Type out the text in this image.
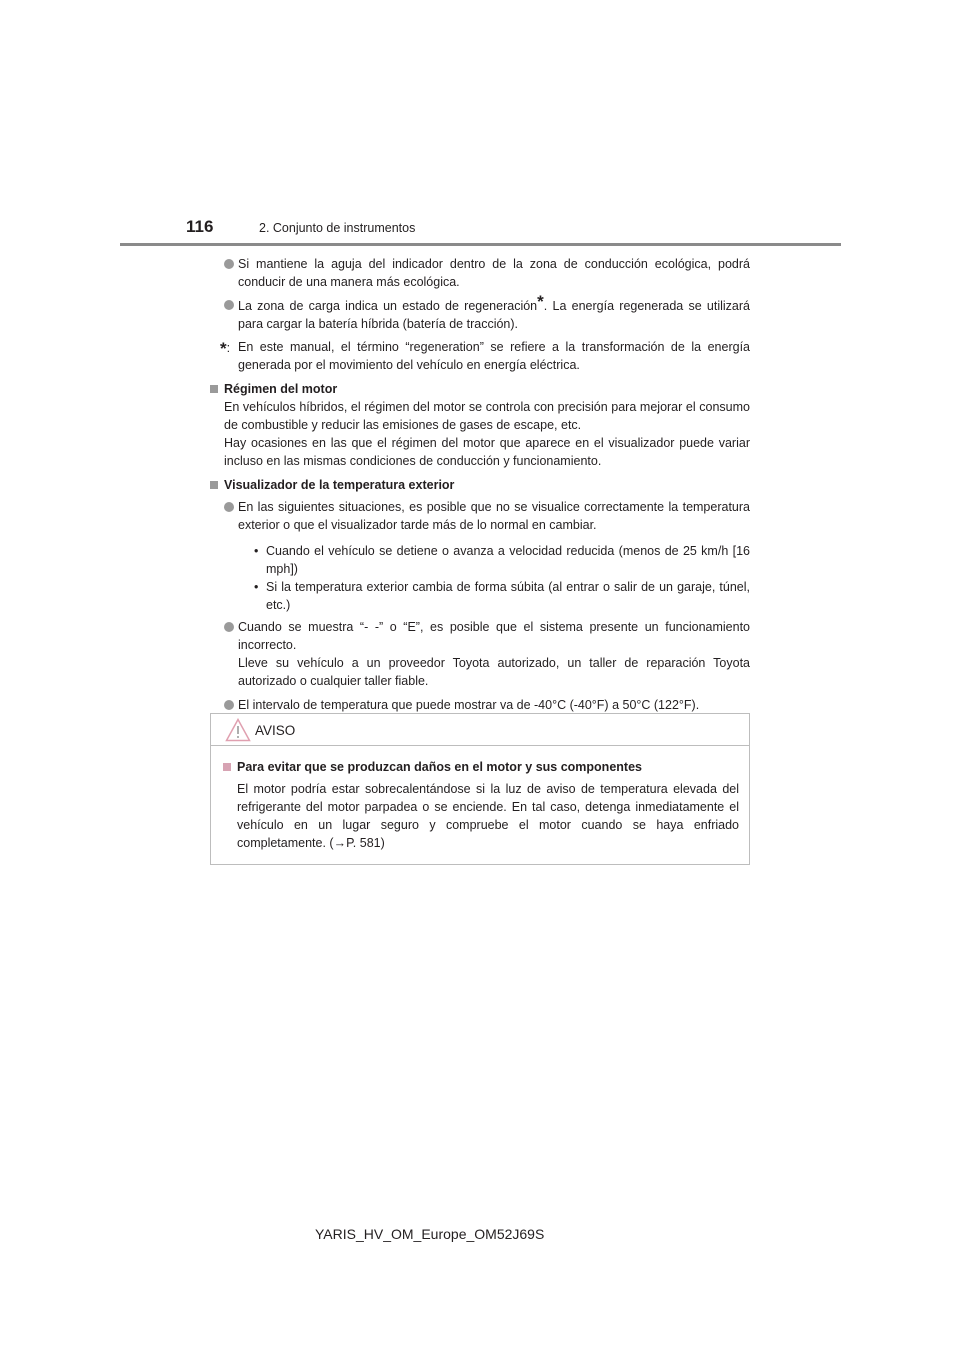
116	2. Conjunto de instrumentos

Si mantiene la aguja del indicador dentro de la zona de conducción ecológica, podrá conducir de una manera más ecológica.

La zona de carga indica un estado de regeneración*. La energía regenerada se utilizará para cargar la batería híbrida (batería de tracción).

*: En este manual, el término “regeneration” se refiere a la transformación de la energía generada por el movimiento del vehículo en energía eléctrica.

Régimen del motor

En vehículos híbridos, el régimen del motor se controla con precisión para mejorar el consumo de combustible y reducir las emisiones de gases de escape, etc.

Hay ocasiones en las que el régimen del motor que aparece en el visualizador puede variar incluso en las mismas condiciones de conducción y funcionamiento.

Visualizador de la temperatura exterior

En las siguientes situaciones, es posible que no se visualice correctamente la temperatura exterior o que el visualizador tarde más de lo normal en cambiar.

• Cuando el vehículo se detiene o avanza a velocidad reducida (menos de 25 km/h [16 mph])
• Si la temperatura exterior cambia de forma súbita (al entrar o salir de un garaje, túnel, etc.)

Cuando se muestra “- -” o “E”, es posible que el sistema presente un funcionamiento incorrecto.

Lleve su vehículo a un proveedor Toyota autorizado, un taller de reparación Toyota autorizado o cualquier taller fiable.

El intervalo de temperatura que puede mostrar va de -40°C (-40°F) a 50°C (122°F).

AVISO

Para evitar que se produzcan daños en el motor y sus componentes

El motor podría estar sobrecalentándose si la luz de aviso de temperatura elevada del refrigerante del motor parpadea o se enciende. En tal caso, detenga inmediatamente el vehículo en un lugar seguro y compruebe el motor cuando se haya enfriado completamente. (→P. 581)

YARIS_HV_OM_Europe_OM52J69S
